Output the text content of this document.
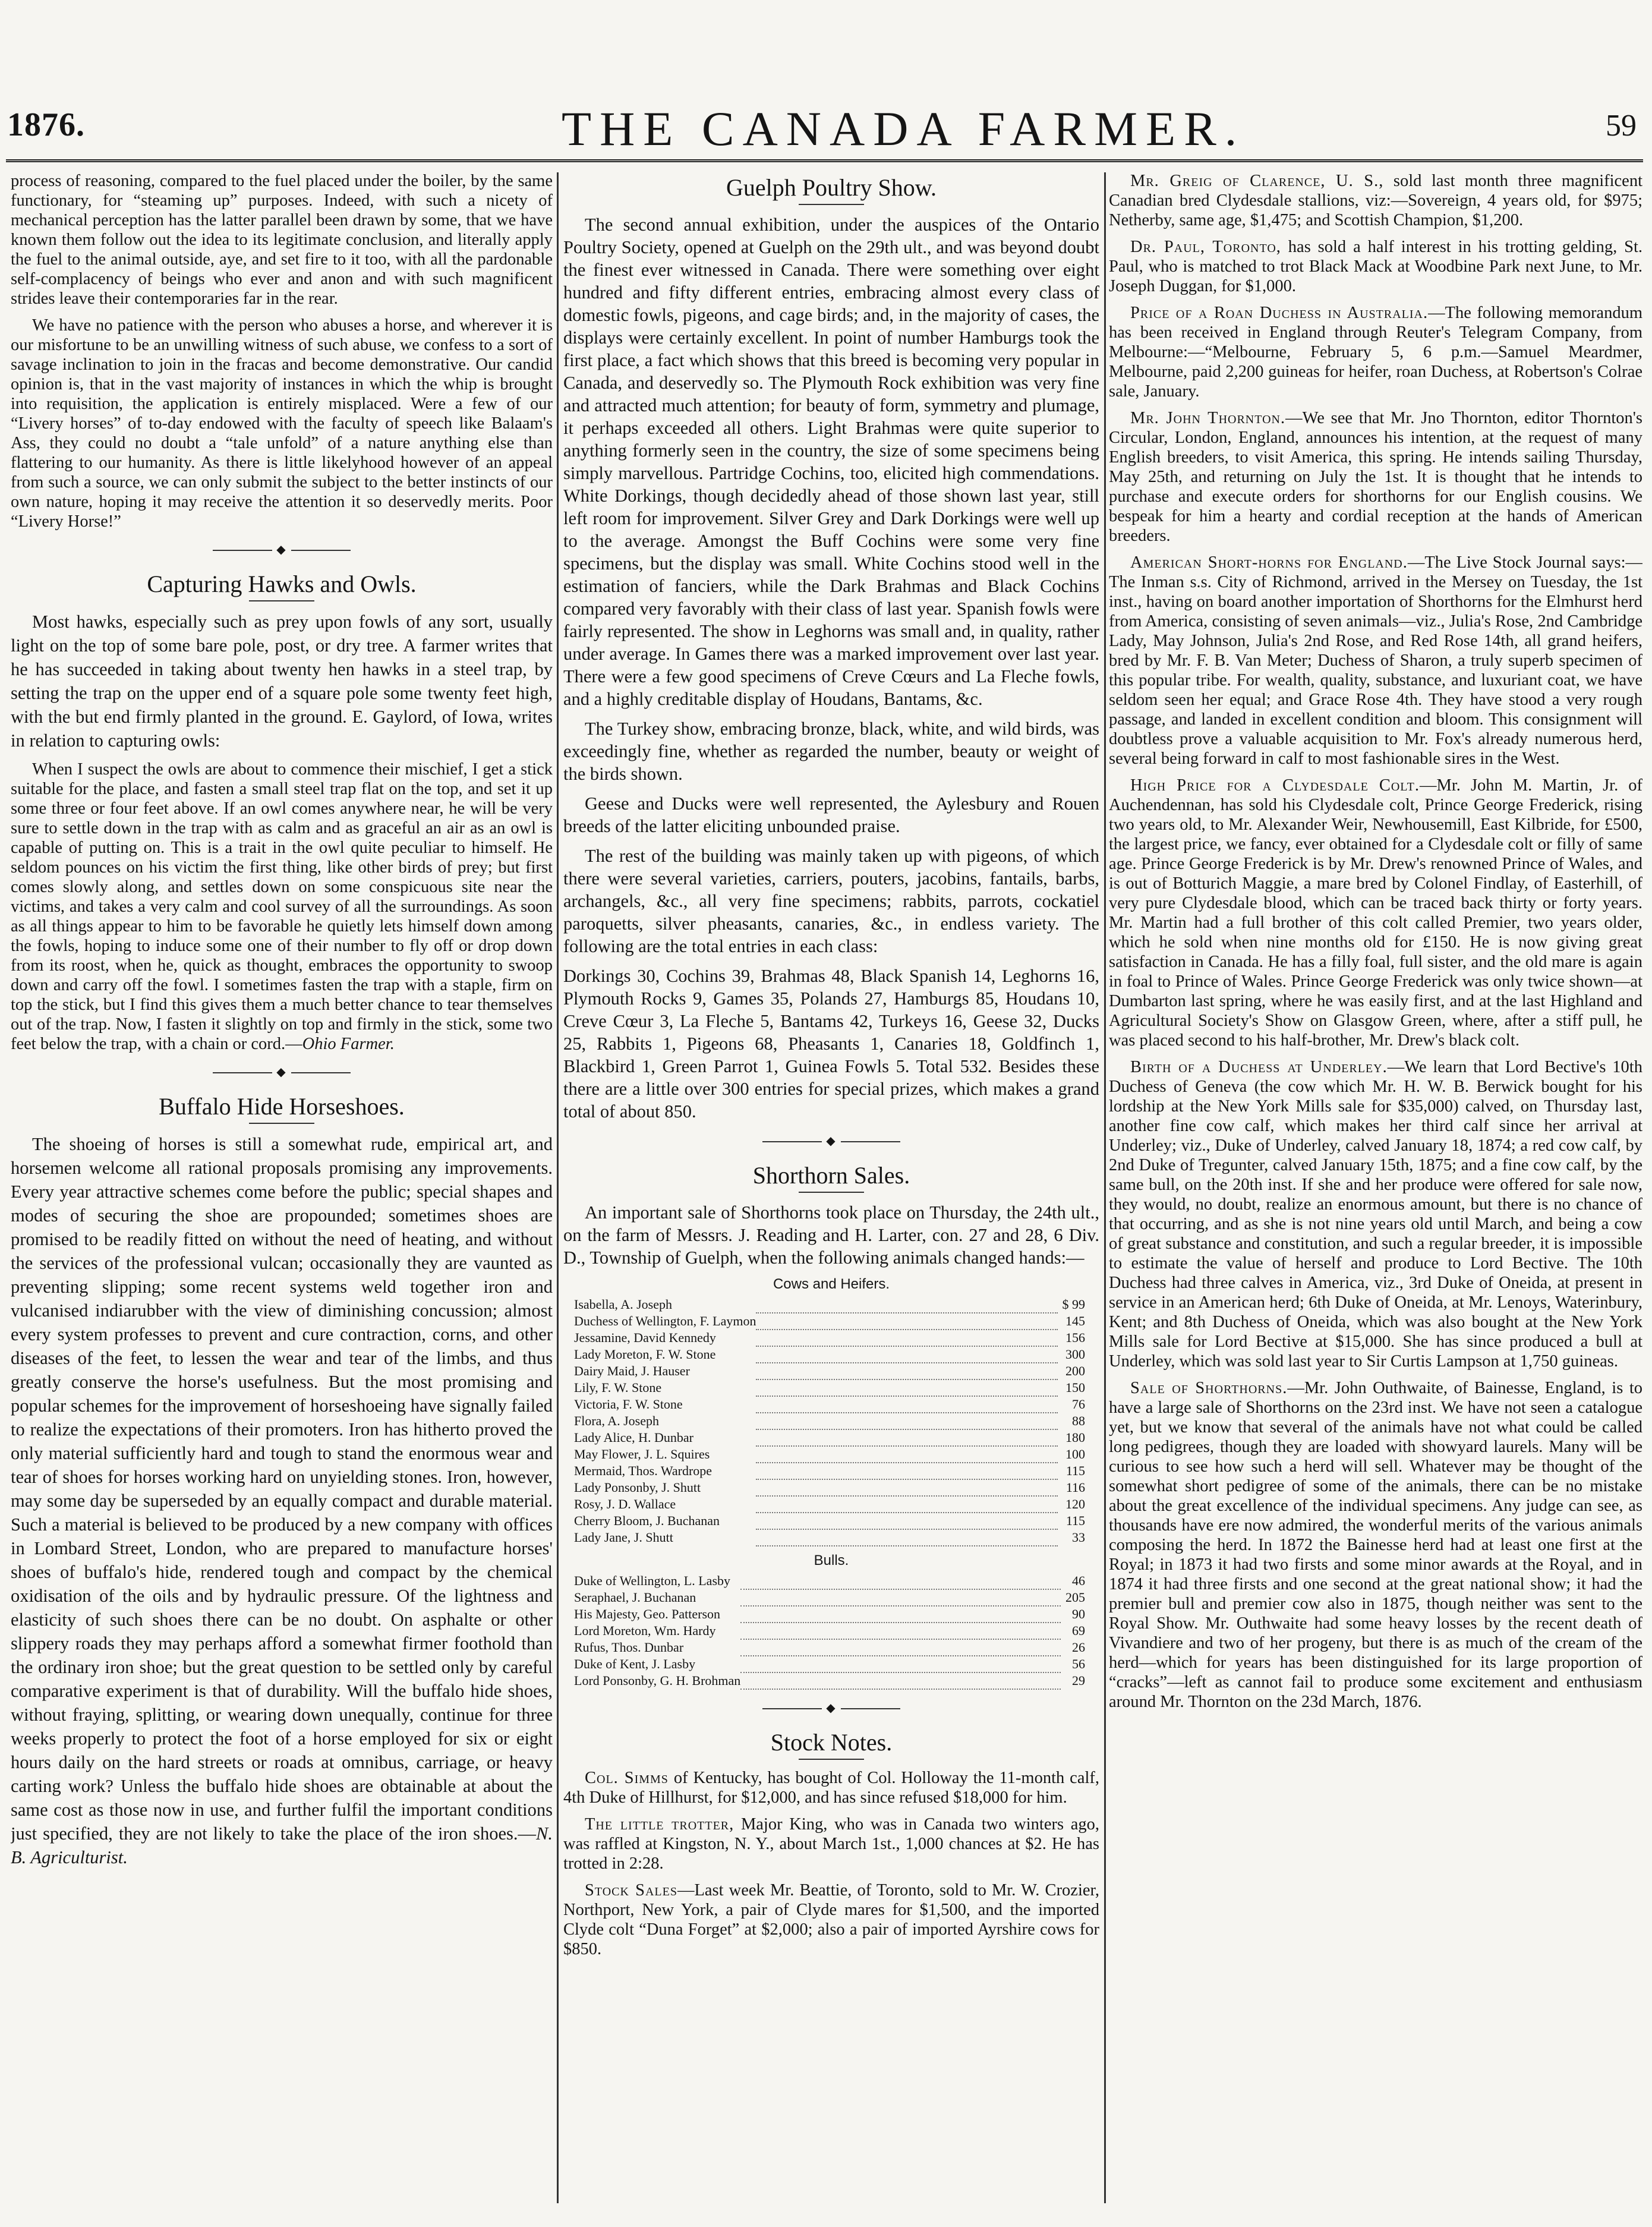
1876.	THE CANADA FARMER.	59

process of reasoning, compared to the fuel placed under the boiler, by the same functionary, for “steaming up” purposes. Indeed, with such a nicety of mechanical perception has the latter parallel been drawn by some, that we have known them follow out the idea to its legitimate conclusion, and literally apply the fuel to the animal outside, aye, and set fire to it too, with all the pardonable self-complacency of beings who ever and anon and with such magnificent strides leave their contemporaries far in the rear.

We have no patience with the person who abuses a horse, and wherever it is our misfortune to be an unwilling witness of such abuse, we confess to a sort of savage inclination to join in the fracas and become demonstrative. Our candid opinion is, that in the vast majority of instances in which the whip is brought into requisition, the application is entirely misplaced. Were a few of our “Livery horses” of to-day endowed with the faculty of speech like Balaam's Ass, they could no doubt a “tale unfold” of a nature anything else than flattering to our humanity. As there is little likelyhood however of an appeal from such a source, we can only submit the subject to the better instincts of our own nature, hoping it may receive the attention it so deservedly merits. Poor “Livery Horse!”

◆
Capturing Hawks and Owls.

Most hawks, especially such as prey upon fowls of any sort, usually light on the top of some bare pole, post, or dry tree. A farmer writes that he has succeeded in taking about twenty hen hawks in a steel trap, by setting the trap on the upper end of a square pole some twenty feet high, with the but end firmly planted in the ground. E. Gaylord, of Iowa, writes in relation to capturing owls:

When I suspect the owls are about to commence their mischief, I get a stick suitable for the place, and fasten a small steel trap flat on the top, and set it up some three or four feet above. If an owl comes anywhere near, he will be very sure to settle down in the trap with as calm and as graceful an air as an owl is capable of putting on. This is a trait in the owl quite peculiar to himself. He seldom pounces on his victim the first thing, like other birds of prey; but first comes slowly along, and settles down on some conspicuous site near the victims, and takes a very calm and cool survey of all the surroundings. As soon as all things appear to him to be favorable he quietly lets himself down among the fowls, hoping to induce some one of their number to fly off or drop down from its roost, when he, quick as thought, embraces the opportunity to swoop down and carry off the fowl. I sometimes fasten the trap with a staple, firm on top the stick, but I find this gives them a much better chance to tear themselves out of the trap. Now, I fasten it slightly on top and firmly in the stick, some two feet below the trap, with a chain or cord.—Ohio Farmer.

◆
Buffalo Hide Horseshoes.

The shoeing of horses is still a somewhat rude, empirical art, and horsemen welcome all rational proposals promising any improvements. Every year attractive schemes come before the public; special shapes and modes of securing the shoe are propounded; sometimes shoes are promised to be readily fitted on without the need of heating, and without the services of the professional vulcan; occasionally they are vaunted as preventing slipping; some recent systems weld together iron and vulcanised indiarubber with the view of diminishing concussion; almost every system professes to prevent and cure contraction, corns, and other diseases of the feet, to lessen the wear and tear of the limbs, and thus greatly conserve the horse's usefulness. But the most promising and popular schemes for the improvement of horseshoeing have signally failed to realize the expectations of their promoters. Iron has hitherto proved the only material sufficiently hard and tough to stand the enormous wear and tear of shoes for horses working hard on unyielding stones. Iron, however, may some day be superseded by an equally compact and durable material. Such a material is believed to be produced by a new company with offices in Lombard Street, London, who are prepared to manufacture horses' shoes of buffalo's hide, rendered tough and compact by the chemical oxidisation of the oils and by hydraulic pressure. Of the lightness and elasticity of such shoes there can be no doubt. On asphalte or other slippery roads they may perhaps afford a somewhat firmer foothold than the ordinary iron shoe; but the great question to be settled only by careful comparative experiment is that of durability. Will the buffalo hide shoes, without fraying, splitting, or wearing down unequally, continue for three weeks properly to protect the foot of a horse employed for six or eight hours daily on the hard streets or roads at omnibus, carriage, or heavy carting work? Unless the buffalo hide shoes are obtainable at about the same cost as those now in use, and further fulfil the important conditions just specified, they are not likely to take the place of the iron shoes.—N. B. Agriculturist.

Guelph Poultry Show.

The second annual exhibition, under the auspices of the Ontario Poultry Society, opened at Guelph on the 29th ult., and was beyond doubt the finest ever witnessed in Canada. There were something over eight hundred and fifty different entries, embracing almost every class of domestic fowls, pigeons, and cage birds; and, in the majority of cases, the displays were certainly excellent. In point of number Hamburgs took the first place, a fact which shows that this breed is becoming very popular in Canada, and deservedly so. The Plymouth Rock exhibition was very fine and attracted much attention; for beauty of form, symmetry and plumage, it perhaps exceeded all others. Light Brahmas were quite superior to anything formerly seen in the country, the size of some specimens being simply marvellous. Partridge Cochins, too, elicited high commendations. White Dorkings, though decidedly ahead of those shown last year, still left room for improvement. Silver Grey and Dark Dorkings were well up to the average. Amongst the Buff Cochins were some very fine specimens, but the display was small. White Cochins stood well in the estimation of fanciers, while the Dark Brahmas and Black Cochins compared very favorably with their class of last year. Spanish fowls were fairly represented. The show in Leghorns was small and, in quality, rather under average. In Games there was a marked improvement over last year. There were a few good specimens of Creve Cœurs and La Fleche fowls, and a highly creditable display of Houdans, Bantams, &c.

The Turkey show, embracing bronze, black, white, and wild birds, was exceedingly fine, whether as regarded the number, beauty or weight of the birds shown.

Geese and Ducks were well represented, the Aylesbury and Rouen breeds of the latter eliciting unbounded praise.

The rest of the building was mainly taken up with pigeons, of which there were several varieties, carriers, pouters, jacobins, fantails, barbs, archangels, &c., all very fine specimens; rabbits, parrots, cockatiel paroquetts, silver pheasants, canaries, &c., in endless variety. The following are the total entries in each class:

Dorkings 30, Cochins 39, Brahmas 48, Black Spanish 14, Leghorns 16, Plymouth Rocks 9, Games 35, Polands 27, Hamburgs 85, Houdans 10, Creve Cœur 3, La Fleche 5, Bantams 42, Turkeys 16, Geese 32, Ducks 25, Rabbits 1, Pigeons 68, Pheasants 1, Canaries 18, Goldfinch 1, Blackbird 1, Green Parrot 1, Guinea Fowls 5. Total 532. Besides these there are a little over 300 entries for special prizes, which makes a grand total of about 850.

◆
Shorthorn Sales.

An important sale of Shorthorns took place on Thursday, the 24th ult., on the farm of Messrs. J. Reading and H. Larter, con. 27 and 28, 6 Div. D., Township of Guelph, when the following animals changed hands:—

Cows and Heifers.
Isabella, A. Joseph		$ 99
Duchess of Wellington, F. Laymon		145
Jessamine, David Kennedy		156
Lady Moreton, F. W. Stone		300
Dairy Maid, J. Hauser		200
Lily, F. W. Stone		150
Victoria, F. W. Stone		76
Flora, A. Joseph		88
Lady Alice, H. Dunbar		180
May Flower, J. L. Squires		100
Mermaid, Thos. Wardrope		115
Lady Ponsonby, J. Shutt		116
Rosy, J. D. Wallace		120
Cherry Bloom, J. Buchanan		115
Lady Jane, J. Shutt		33
Bulls.
Duke of Wellington, L. Lasby		46
Seraphael, J. Buchanan		205
His Majesty, Geo. Patterson		90
Lord Moreton, Wm. Hardy		69
Rufus, Thos. Dunbar		26
Duke of Kent, J. Lasby		56
Lord Ponsonby, G. H. Brohman		29
◆
Stock Notes.

Col. Simms of Kentucky, has bought of Col. Holloway the 11-month calf, 4th Duke of Hillhurst, for $12,000, and has since refused $18,000 for him.

The little trotter, Major King, who was in Canada two winters ago, was raffled at Kingston, N. Y., about March 1st., 1,000 chances at $2. He has trotted in 2:28.

Stock Sales—Last week Mr. Beattie, of Toronto, sold to Mr. W. Crozier, Northport, New York, a pair of Clyde mares for $1,500, and the imported Clyde colt “Duna Forget” at $2,000; also a pair of imported Ayrshire cows for $850.

Mr. Greig of Clarence, U. S., sold last month three magnificent Canadian bred Clydesdale stallions, viz:—Sovereign, 4 years old, for $975; Netherby, same age, $1,475; and Scottish Champion, $1,200.

Dr. Paul, Toronto, has sold a half interest in his trotting gelding, St. Paul, who is matched to trot Black Mack at Woodbine Park next June, to Mr. Joseph Duggan, for $1,000.

Price of a Roan Duchess in Australia.—The following memorandum has been received in England through Reuter's Telegram Company, from Melbourne:—“Melbourne, February 5, 6 p.m.—Samuel Meardmer, Melbourne, paid 2,200 guineas for heifer, roan Duchess, at Robertson's Colrae sale, January.

Mr. John Thornton.—We see that Mr. Jno Thornton, editor Thornton's Circular, London, England, announces his intention, at the request of many English breeders, to visit America, this spring. He intends sailing Thursday, May 25th, and returning on July the 1st. It is thought that he intends to purchase and execute orders for shorthorns for our English cousins. We bespeak for him a hearty and cordial reception at the hands of American breeders.

American Short-horns for England.—The Live Stock Journal says:—The Inman s.s. City of Richmond, arrived in the Mersey on Tuesday, the 1st inst., having on board another importation of Shorthorns for the Elmhurst herd from America, consisting of seven animals—viz., Julia's Rose, 2nd Cambridge Lady, May Johnson, Julia's 2nd Rose, and Red Rose 14th, all grand heifers, bred by Mr. F. B. Van Meter; Duchess of Sharon, a truly superb specimen of this popular tribe. For wealth, quality, substance, and luxuriant coat, we have seldom seen her equal; and Grace Rose 4th. They have stood a very rough passage, and landed in excellent condition and bloom. This consignment will doubtless prove a valuable acquisition to Mr. Fox's already numerous herd, several being forward in calf to most fashionable sires in the West.

High Price for a Clydesdale Colt.—Mr. John M. Martin, Jr. of Auchendennan, has sold his Clydesdale colt, Prince George Frederick, rising two years old, to Mr. Alexander Weir, Newhousemill, East Kilbride, for £500, the largest price, we fancy, ever obtained for a Clydesdale colt or filly of same age. Prince George Frederick is by Mr. Drew's renowned Prince of Wales, and is out of Botturich Maggie, a mare bred by Colonel Findlay, of Easterhill, of very pure Clydesdale blood, which can be traced back thirty or forty years. Mr. Martin had a full brother of this colt called Premier, two years older, which he sold when nine months old for £150. He is now giving great satisfaction in Canada. He has a filly foal, full sister, and the old mare is again in foal to Prince of Wales. Prince George Frederick was only twice shown—at Dumbarton last spring, where he was easily first, and at the last Highland and Agricultural Society's Show on Glasgow Green, where, after a stiff pull, he was placed second to his half-brother, Mr. Drew's black colt.

Birth of a Duchess at Underley.—We learn that Lord Bective's 10th Duchess of Geneva (the cow which Mr. H. W. B. Berwick bought for his lordship at the New York Mills sale for $35,000) calved, on Thursday last, another fine cow calf, which makes her third calf since her arrival at Underley; viz., Duke of Underley, calved January 18, 1874; a red cow calf, by 2nd Duke of Tregunter, calved January 15th, 1875; and a fine cow calf, by the same bull, on the 20th inst. If she and her produce were offered for sale now, they would, no doubt, realize an enormous amount, but there is no chance of that occurring, and as she is not nine years old until March, and being a cow of great substance and constitution, and such a regular breeder, it is impossible to estimate the value of herself and produce to Lord Bective. The 10th Duchess had three calves in America, viz., 3rd Duke of Oneida, at present in service in an American herd; 6th Duke of Oneida, at Mr. Lenoys, Waterinbury, Kent; and 8th Duchess of Oneida, which was also bought at the New York Mills sale for Lord Bective at $15,000. She has since produced a bull at Underley, which was sold last year to Sir Curtis Lampson at 1,750 guineas.

Sale of Shorthorns.—Mr. John Outhwaite, of Bainesse, England, is to have a large sale of Shorthorns on the 23rd inst. We have not seen a catalogue yet, but we know that several of the animals have not what could be called long pedigrees, though they are loaded with showyard laurels. Many will be curious to see how such a herd will sell. Whatever may be thought of the somewhat short pedigree of some of the animals, there can be no mistake about the great excellence of the individual specimens. Any judge can see, as thousands have ere now admired, the wonderful merits of the various animals composing the herd. In 1872 the Bainesse herd had at least one first at the Royal; in 1873 it had two firsts and some minor awards at the Royal, and in 1874 it had three firsts and one second at the great national show; it had the premier bull and premier cow also in 1875, though neither was sent to the Royal Show. Mr. Outhwaite had some heavy losses by the recent death of Vivandiere and two of her progeny, but there is as much of the cream of the herd—which for years has been distinguished for its large proportion of “cracks”—left as cannot fail to produce some excitement and enthusiasm around Mr. Thornton on the 23d March, 1876.
